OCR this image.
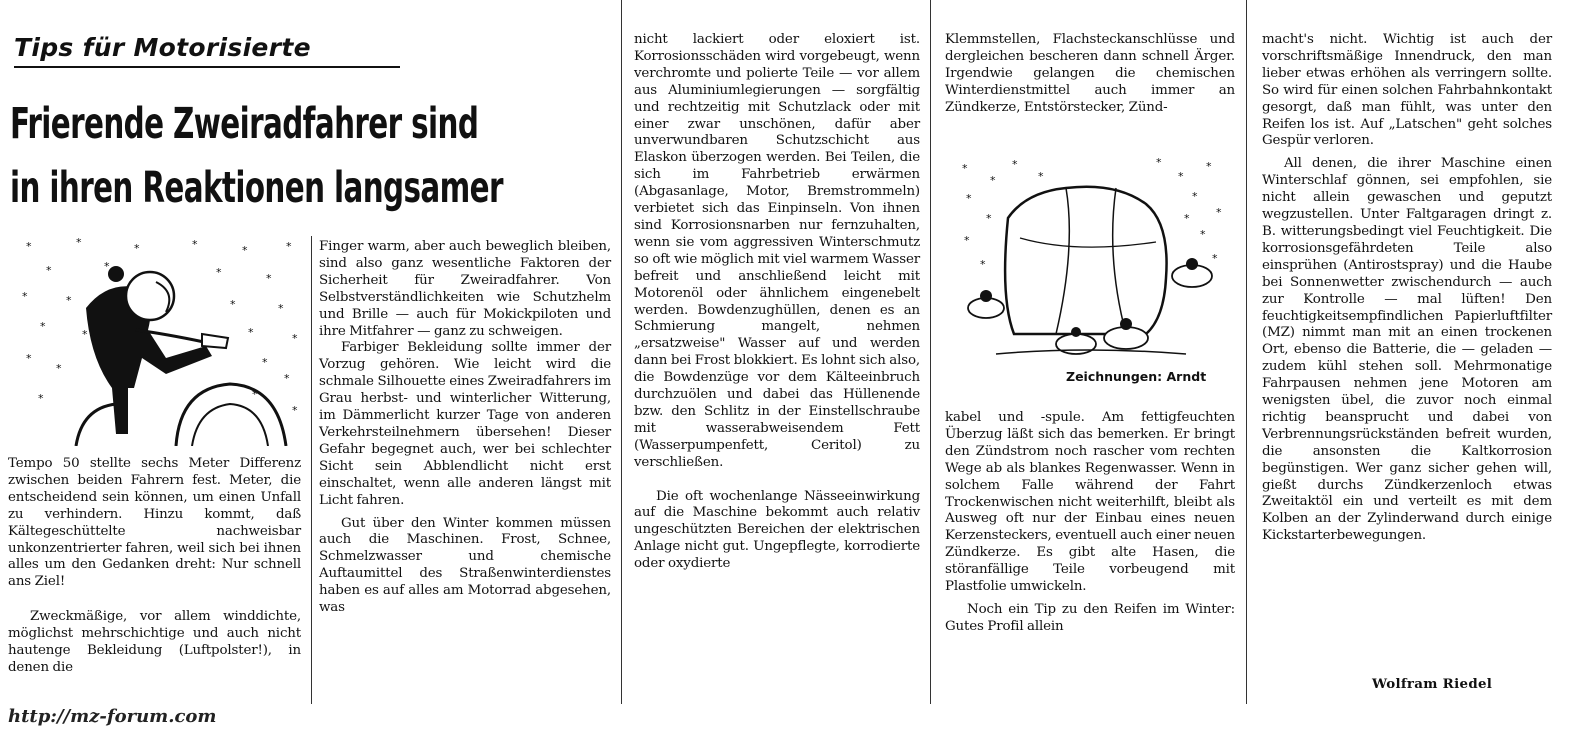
Tips für Motorisierte
Frierende Zweiradfahrer sind
in ihren Reaktionen langsamer
*	*	*	*	*	*
*	*	*	*
*	*	*	*
*
*	*	*
*
*	*
*
*	*
*

Tempo 50 stellte sechs Meter Differenz zwischen beiden Fahrern fest. Meter, die entscheidend sein können, um einen Unfall zu verhindern. Hinzu kommt, daß Kältegeschüttelte nachweisbar unkonzentrierter fahren, weil sich bei ihnen alles um den Gedanken dreht: Nur schnell ans Ziel!

Zweckmäßige, vor allem winddichte, möglichst mehrschichtige und auch nicht hautenge Bekleidung (Luftpolster!), in denen die

Finger warm, aber auch beweglich bleiben, sind also ganz wesentliche Faktoren der Sicherheit für Zweiradfahrer. Von Selbstverständlichkeiten wie Schutzhelm und Brille — auch für Mokickpiloten und ihre Mitfahrer — ganz zu schweigen.

Farbiger Bekleidung sollte immer der Vorzug gehören. Wie leicht wird die schmale Silhouette eines Zweiradfahrers im Grau herbst- und winterlicher Witterung, im Dämmerlicht kurzer Tage von anderen Verkehrsteilnehmern übersehen! Dieser Gefahr begegnet auch, wer bei schlechter Sicht sein Abblendlicht nicht erst einschaltet, wenn alle anderen längst mit Licht fahren.

Gut über den Winter kommen müssen auch die Maschinen. Frost, Schnee, Schmelzwasser und chemische Auftaumittel des Straßenwinterdienstes haben es auf alles am Motorrad abgesehen, was

nicht lackiert oder eloxiert ist. Korrosionsschäden wird vorgebeugt, wenn verchromte und polierte Teile — vor allem aus Aluminiumlegierungen — sorgfältig und rechtzeitig mit Schutzlack oder mit einer zwar unschönen, dafür aber unverwundbaren Schutzschicht aus Elaskon überzogen werden. Bei Teilen, die sich im Fahrbetrieb erwärmen (Abgasanlage, Motor, Bremstrommeln) verbietet sich das Einpinseln. Von ihnen sind Korrosionsnarben nur fernzuhalten, wenn sie vom aggressiven Winterschmutz so oft wie möglich mit viel warmem Wasser befreit und anschließend leicht mit Motorenöl oder ähnlichem eingenebelt werden. Bowdenzughüllen, denen es an Schmierung mangelt, nehmen „ersatzweise" Wasser auf und werden dann bei Frost blokkiert. Es lohnt sich also, die Bowdenzüge vor dem Kälteeinbruch durchzuölen und dabei das Hüllenende bzw. den Schlitz in der Einstellschraube mit wasserabweisendem Fett (Wasserpumpenfett, Ceritol) zu verschließen.

Die oft wochenlange Nässeeinwirkung auf die Maschine bekommt auch relativ ungeschützten Bereichen der elektrischen Anlage nicht gut. Ungepflegte, korrodierte oder oxydierte

Klemmstellen, Flachsteckanschlüsse und dergleichen bescheren dann schnell Ärger. Irgendwie gelangen die chemischen Winterdienstmittel auch immer an Zündkerze, Entstörstecker, Zünd-

*
*
*
*
*
*
*
*
*
*
*
*
*
*
*
*
Zeichnungen: Arndt

kabel und -spule. Am fettigfeuchten Überzug läßt sich das bemerken. Er bringt den Zündstrom noch rascher vom rechten Wege ab als blankes Regenwasser. Wenn in solchem Falle während der Fahrt Trockenwischen nicht weiterhilft, bleibt als Ausweg oft nur der Einbau eines neuen Kerzensteckers, eventuell auch einer neuen Zündkerze. Es gibt alte Hasen, die störanfällige Teile vorbeugend mit Plastfolie umwickeln.

Noch ein Tip zu den Reifen im Winter: Gutes Profil allein

macht's nicht. Wichtig ist auch der vorschriftsmäßige Innendruck, den man lieber etwas erhöhen als verringern sollte. So wird für einen solchen Fahrbahnkontakt gesorgt, daß man fühlt, was unter den Reifen los ist. Auf „Latschen" geht solches Gespür verloren.

All denen, die ihrer Maschine einen Winterschlaf gönnen, sei empfohlen, sie nicht allein gewaschen und geputzt wegzustellen. Unter Faltgaragen dringt z. B. witterungsbedingt viel Feuchtigkeit. Die korrosionsgefährdeten Teile also einsprühen (Antirostspray) und die Haube bei Sonnenwetter zwischendurch — auch zur Kontrolle — mal lüften! Den feuchtigkeitsempfindlichen Papierluftfilter (MZ) nimmt man mit an einen trockenen Ort, ebenso die Batterie, die — geladen — zudem kühl stehen soll. Mehrmonatige Fahrpausen nehmen jene Motoren am wenigsten übel, die zuvor noch einmal richtig beansprucht und dabei von Verbrennungsrückständen befreit wurden, die ansonsten die Kaltkorrosion begünstigen. Wer ganz sicher gehen will, gießt durchs Zündkerzenloch etwas Zweitaktöl ein und verteilt es mit dem Kolben an der Zylinderwand durch einige Kickstarterbewegungen.

Wolfram Riedel
http://mz-forum.com
